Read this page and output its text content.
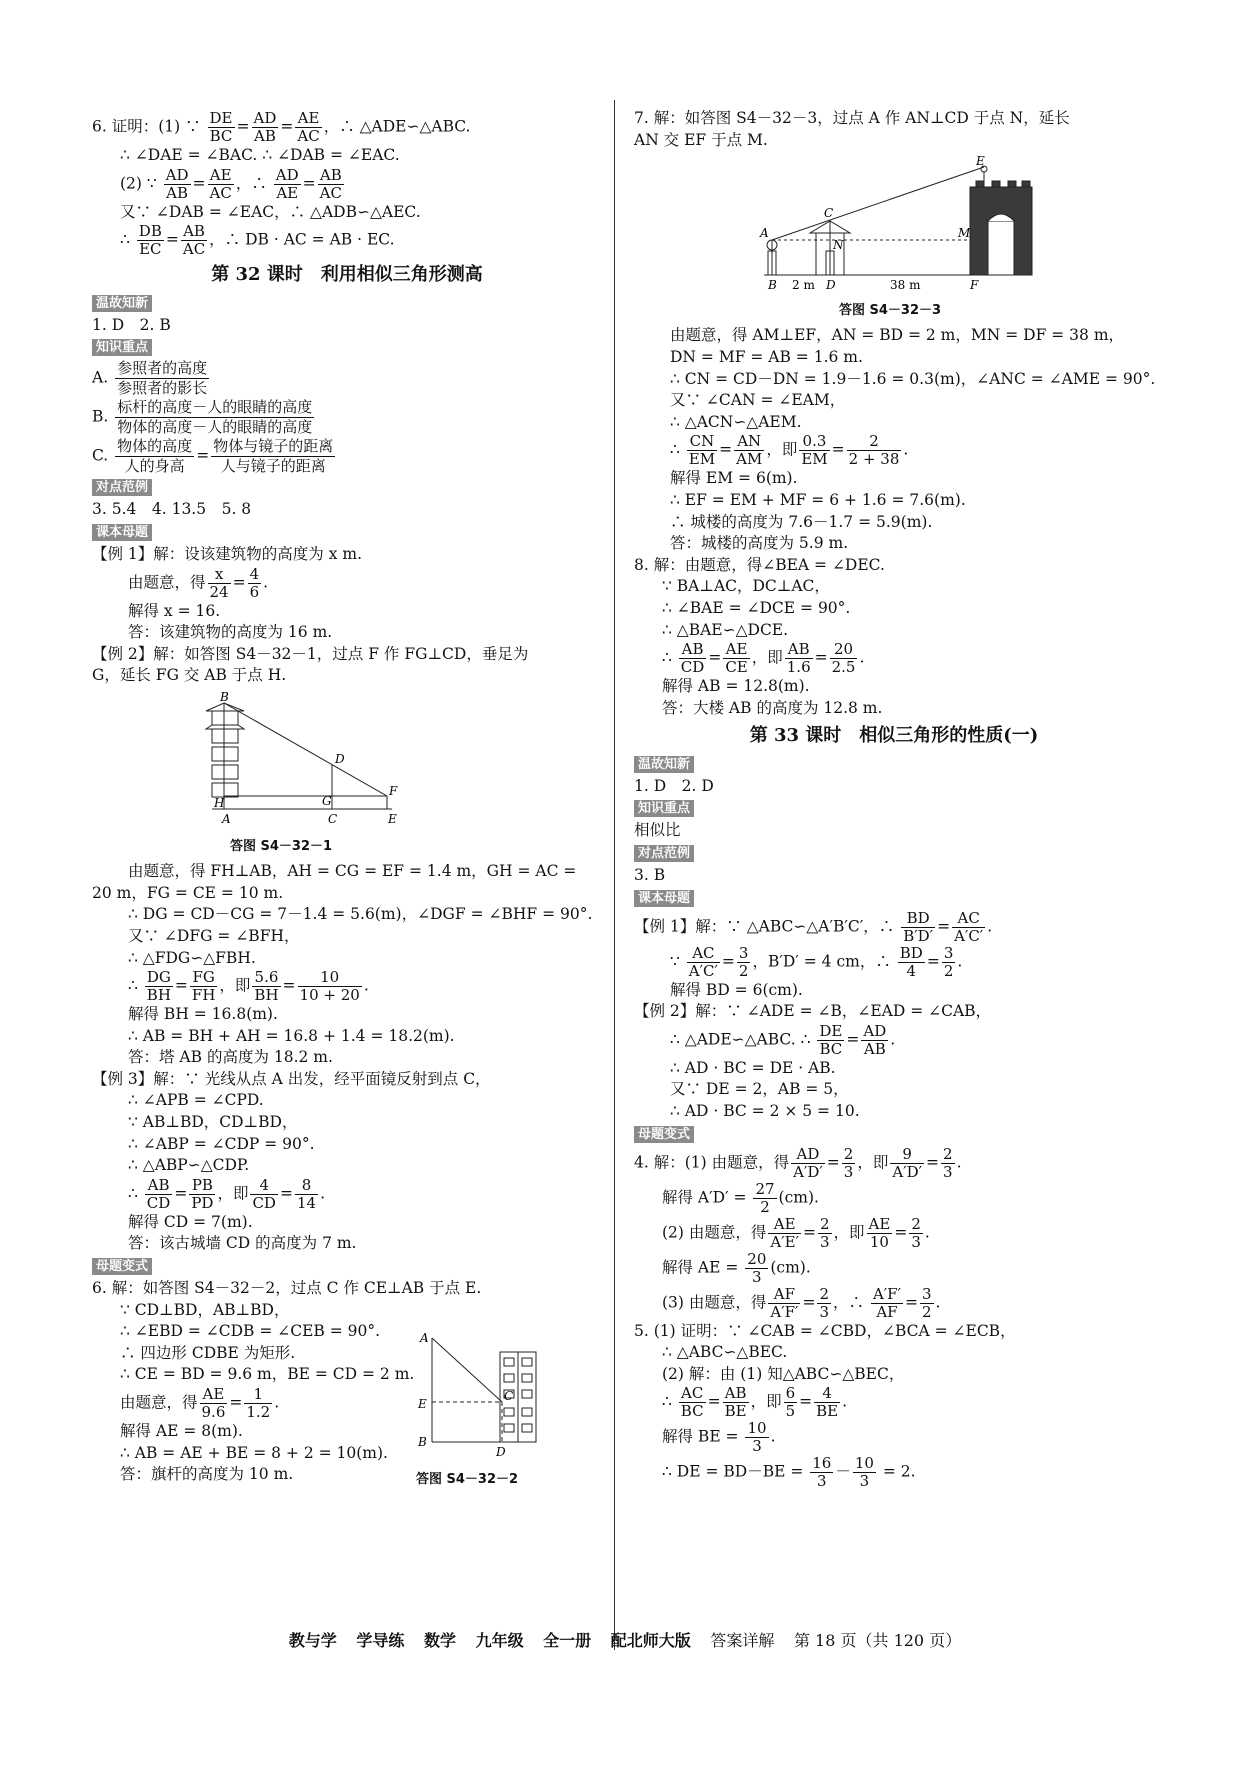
6. 证明：(1) ∵ $\frac{DE}{BC} = \frac{AD}{AB} = \frac{AE}{AC}$ ，∴ △ADE∽△ABC.
∴ ∠DAE = ∠BAC. ∴ ∠DAB = ∠EAC.
(2) ∵ $\frac{AD}{AB} = \frac{AE}{AC}$ ，∴ $\frac{AD}{AE} = \frac{AB}{AC}$
又∵ ∠DAB = ∠EAC，∴ △ADB∽△AEC.
∴ $\frac{DB}{EC} = \frac{AB}{AC}$ ，∴ DB · AC = AB · EC.
第 32 课时　利用相似三角形测高
温故知新
1. D　2. B
知识重点
A. $\frac{\text{参照者的高度}}{\text{参照者的影长}}$
B. $\frac{\text{标杆的高度－人的眼睛的高度}}{\text{物体的高度－人的眼睛的高度}}$
C. $\frac{\text{物体的高度}}{\text{人的身高}} = \frac{\text{物体与镜子的距离}}{\text{人与镜子的距离}}$
对点范例
3. 5.4　4. 13.5　5. 8
课本母题
【例 1】解：设该建筑物的高度为 x m.
由题意，得 $\frac{x}{24} = \frac{4}{6}$ .
解得 x = 16.
答：该建筑物的高度为 16 m.
【例 2】解：如答图 S4－32－1，过点 F 作 FG⊥CD，垂足为
G，延长 FG 交 AB 于点 H.
B
D
H	G
F
A	C	E
答图 S4－32－1
由题意，得 FH⊥AB，AH = CG = EF = 1.4 m，GH = AC =
20 m，FG = CE = 10 m.
∴ DG = CD－CG = 7－1.4 = 5.6(m)，∠DGF = ∠BHF = 90°.
又∵ ∠DFG = ∠BFH，
∴ △FDG∽△FBH.
∴ $\frac{DG}{BH} = \frac{FG}{FH}$ ，即 $\frac{5.6}{BH} = \frac{10}{10 + 20}$ .
解得 BH = 16.8(m).
∴ AB = BH + AH = 16.8 + 1.4 = 18.2(m).
答：塔 AB 的高度为 18.2 m.
【例 3】解：∵ 光线从点 A 出发，经平面镜反射到点 C，
∴ ∠APB = ∠CPD.
∵ AB⊥BD，CD⊥BD，
∴ ∠ABP = ∠CDP = 90°.
∴ △ABP∽△CDP.
∴ $\frac{AB}{CD} = \frac{PB}{PD}$ ，即 $\frac{4}{CD} = \frac{8}{14}$ .
解得 CD = 7(m).
答：该古城墙 CD 的高度为 7 m.
母题变式
6. 解：如答图 S4－32－2，过点 C 作 CE⊥AB 于点 E.
∵ CD⊥BD，AB⊥BD，
∴ ∠EBD = ∠CDB = ∠CEB = 90°.
∴ 四边形 CDBE 为矩形.
∴ CE = BD = 9.6 m，BE = CD = 2 m.
由题意，得 $\frac{AE}{9.6} = \frac{1}{1.2}$ .
解得 AE = 8(m).
∴ AB = AE + BE = 8 + 2 = 10(m).
答：旗杆的高度为 10 m.
A
E
C
B
D
答图 S4－32－2
7. 解：如答图 S4－32－3，过点 A 作 AN⊥CD 于点 N，延长
AN 交 EF 于点 M.
E
C
A
N
M
B	D	F
2 m	38 m
答图 S4－32－3
由题意，得 AM⊥EF，AN = BD = 2 m，MN = DF = 38 m，
DN = MF = AB = 1.6 m.
∴ CN = CD－DN = 1.9－1.6 = 0.3(m)，∠ANC = ∠AME = 90°.
又∵ ∠CAN = ∠EAM，
∴ △ACN∽△AEM.
∴ $\frac{CN}{EM} = \frac{AN}{AM}$ ，即 $\frac{0.3}{EM} = \frac{2}{2 + 38}$ .
解得 EM = 6(m).
∴ EF = EM + MF = 6 + 1.6 = 7.6(m).
∴ 城楼的高度为 7.6－1.7 = 5.9(m).
答：城楼的高度为 5.9 m.
8. 解：由题意，得∠BEA = ∠DEC.
∵ BA⊥AC，DC⊥AC，
∴ ∠BAE = ∠DCE = 90°.
∴ △BAE∽△DCE.
∴ $\frac{AB}{CD} = \frac{AE}{CE}$ ，即 $\frac{AB}{1.6} = \frac{20}{2.5}$ .
解得 AB = 12.8(m).
答：大楼 AB 的高度为 12.8 m.
第 33 课时　相似三角形的性质(一)
温故知新
1. D　2. D
知识重点
相似比
对点范例
3. B
课本母题
【例 1】解：∵ △ABC∽△A′B′C′，∴ $\frac{BD}{B'D'} = \frac{AC}{A'C'}$ .
∵ $\frac{AC}{A'C'} = \frac{3}{2}$ ，B′D′ = 4 cm，∴ $\frac{BD}{4} = \frac{3}{2}$ .
解得 BD = 6(cm).
【例 2】解：∵ ∠ADE = ∠B，∠EAD = ∠CAB，
∴ △ADE∽△ABC. ∴ $\frac{DE}{BC} = \frac{AD}{AB}$ .
∴ AD · BC = DE · AB.
又∵ DE = 2，AB = 5，
∴ AD · BC = 2 × 5 = 10.
母题变式
4. 解：(1) 由题意，得 $\frac{AD}{A'D'} = \frac{2}{3}$ ，即 $\frac{9}{A'D'} = \frac{2}{3}$ .
解得 $A'D' = \frac{27}{2} (cm)$.
(2) 由题意，得 $\frac{AE}{A'E'} = \frac{2}{3}$ ，即 $\frac{AE}{10} = \frac{2}{3}$ .
解得 AE = $\frac{20}{3} (cm)$.
(3) 由题意，得 $\frac{AF}{A'F'} = \frac{2}{3}$ ，∴ $\frac{A'F'}{AF} = \frac{3}{2}$ .
5. (1) 证明：∵ ∠CAB = ∠CBD，∠BCA = ∠ECB，
∴ △ABC∽△BEC.
(2) 解：由 (1) 知△ABC∽△BEC，
∴ $\frac{AC}{BC} = \frac{AB}{BE}$ ，即 $\frac{6}{5} = \frac{4}{BE}$ .
解得 BE = $\frac{10}{3}$ .
∴ DE = $BD-BE = \frac{16}{3} - \frac{10}{3} = 2$.
教与学 学导练 数学 九年级 全一册 配北师大版 答案详解 第 18 页（共 120 页）
